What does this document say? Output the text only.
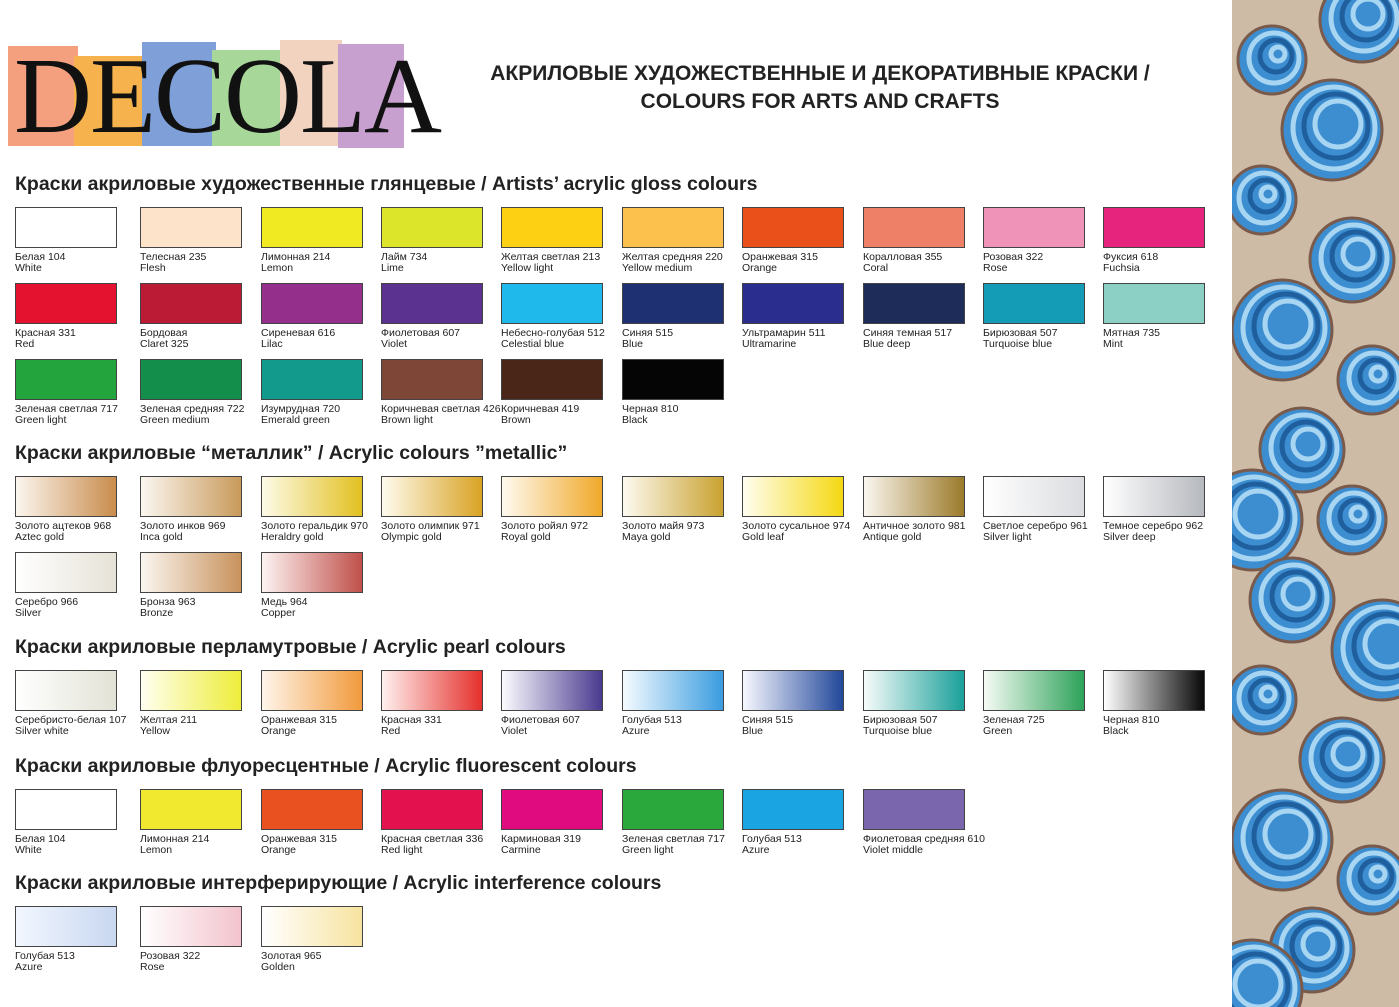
DECOLA	АКРИЛОВЫЕ ХУДОЖЕСТВЕННЫЕ И ДЕКОРАТИВНЫЕ КРАСКИ /
COLOURS FOR ARTS AND CRAFTS
Краски акриловые художественные глянцевые / Artists’ acrylic gloss colours
Белая 104
White
Телесная 235
Flesh
Лимонная 214
Lemon
Лайм 734
Lime
Желтая светлая 213
Yellow light
Желтая средняя 220
Yellow medium
Оранжевая 315
Orange
Коралловая 355
Coral
Розовая 322
Rose
Фуксия 618
Fuchsia
Красная 331
Red
Бордовая
Claret 325
Сиреневая 616
Lilac
Фиолетовая 607
Violet
Небесно-голубая 512
Celestial blue
Синяя 515
Blue
Ультрамарин 511
Ultramarine
Синяя темная 517
Blue deep
Бирюзовая 507
Turquoise blue
Мятная 735
Mint
Зеленая светлая 717
Green light
Зеленая средняя 722
Green medium
Изумрудная 720
Emerald green
Коричневая светлая 426
Brown light
Коричневая 419
Brown
Черная 810
Black
Краски акриловые “металлик” / Acrylic colours ”metallic”
Золото ацтеков 968
Aztec gold
Золото инков 969
Inca gold
Золото геральдик 970
Heraldry gold
Золото олимпик 971
Olympic gold
Золото ройял 972
Royal gold
Золото майя 973
Maya gold
Золото сусальное 974
Gold leaf
Античное золото 981
Antique gold
Светлое серебро 961
Silver light
Темное серебро 962
Silver deep
Серебро 966
Silver
Бронза 963
Bronze
Медь 964
Copper
Краски акриловые перламутровые / Acrylic pearl colours
Серебристо-белая 107
Silver white
Желтая 211
Yellow
Оранжевая 315
Orange
Красная 331
Red
Фиолетовая 607
Violet
Голубая 513
Azure
Синяя 515
Blue
Бирюзовая 507
Turquoise blue
Зеленая 725
Green
Черная 810
Black
Краски акриловые флуоресцентные / Acrylic fluorescent colours
Белая 104
White
Лимонная 214
Lemon
Оранжевая 315
Orange
Красная светлая 336
Red light
Карминовая 319
Carmine
Зеленая светлая 717
Green light
Голубая 513
Azure
Фиолетовая средняя 610
Violet middle
Краски акриловые интерферирующие / Acrylic interference colours
Голубая 513
Azure
Розовая 322
Rose
Золотая 965
Golden
